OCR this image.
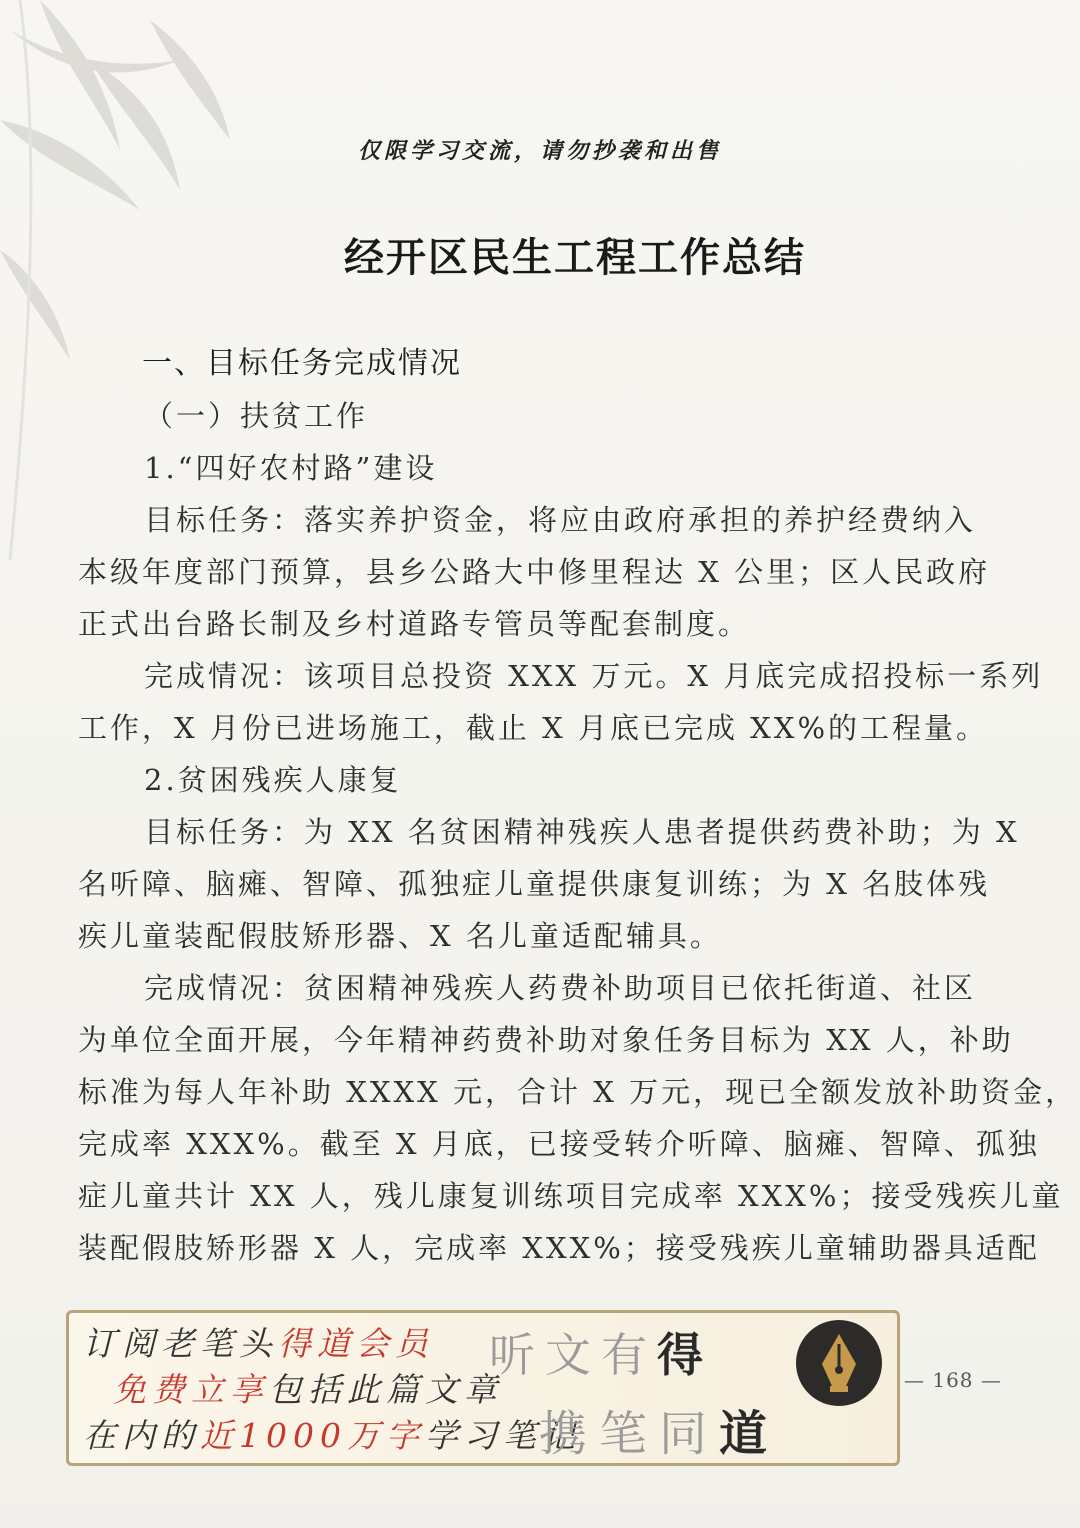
仅限学习交流，请勿抄袭和出售
经开区民生工程工作总结
一、目标任务完成情况
（一）扶贫工作
1.“四好农村路”建设
目标任务：落实养护资金，将应由政府承担的养护经费纳入
本级年度部门预算，县乡公路大中修里程达 X 公里；区人民政府
正式出台路长制及乡村道路专管员等配套制度。
完成情况：该项目总投资 XXX 万元。X 月底完成招投标一系列
工作，X 月份已进场施工，截止 X 月底已完成 XX%的工程量。
2.贫困残疾人康复
目标任务：为 XX 名贫困精神残疾人患者提供药费补助；为 X
名听障、脑瘫、智障、孤独症儿童提供康复训练；为 X 名肢体残
疾儿童装配假肢矫形器、X 名儿童适配辅具。
完成情况：贫困精神残疾人药费补助项目已依托街道、社区
为单位全面开展，今年精神药费补助对象任务目标为 XX 人，补助
标准为每人年补助 XXXX 元，合计 X 万元，现已全额发放补助资金，
完成率 XXX%。截至 X 月底，已接受转介听障、脑瘫、智障、孤独
症儿童共计 XX 人，残儿康复训练项目完成率 XXX%；接受残疾儿童
装配假肢矫形器 X 人，完成率 XXX%；接受残疾儿童辅助器具适配
订阅老笔头得道会员
免费立享包括此篇文章
在内的近1000万字学习笔记
听文有得
携笔同道
— 168 —
